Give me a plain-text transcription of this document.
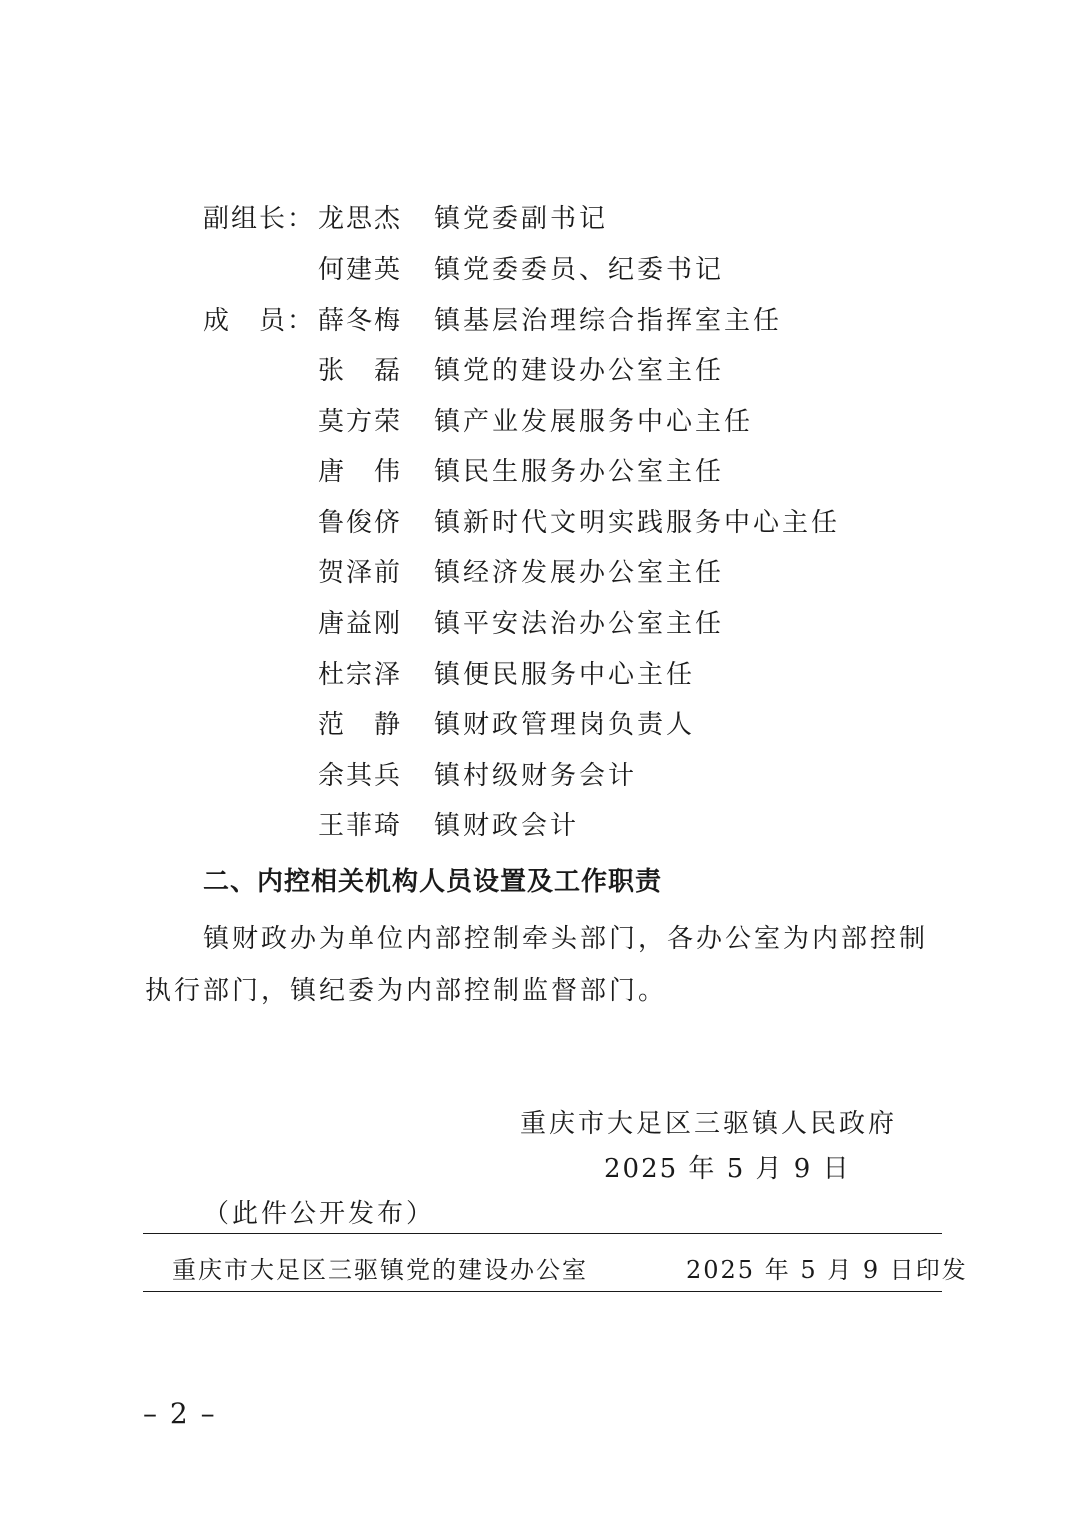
副组长： 龙思杰	镇党委副书记
何建英	镇党委委员、纪委书记
成　员： 薛冬梅	镇基层治理综合指挥室主任
张　磊	镇党的建设办公室主任
莫方荣	镇产业发展服务中心主任
唐　伟	镇民生服务办公室主任
鲁俊侪	镇新时代文明实践服务中心主任
贺泽前	镇经济发展办公室主任
唐益刚	镇平安法治办公室主任
杜宗泽	镇便民服务中心主任
范　静	镇财政管理岗负责人
余其兵	镇村级财务会计
王菲琦	镇财政会计
二、内控相关机构人员设置及工作职责
镇财政办为单位内部控制牵头部门，各办公室为内部控制执行部门，镇纪委为内部控制监督部门。
重庆市大足区三驱镇人民政府
2025 年 5 月 9 日
（此件公开发布）
重庆市大足区三驱镇党的建设办公室	2025 年 5 月 9 日印发
– 2 –
